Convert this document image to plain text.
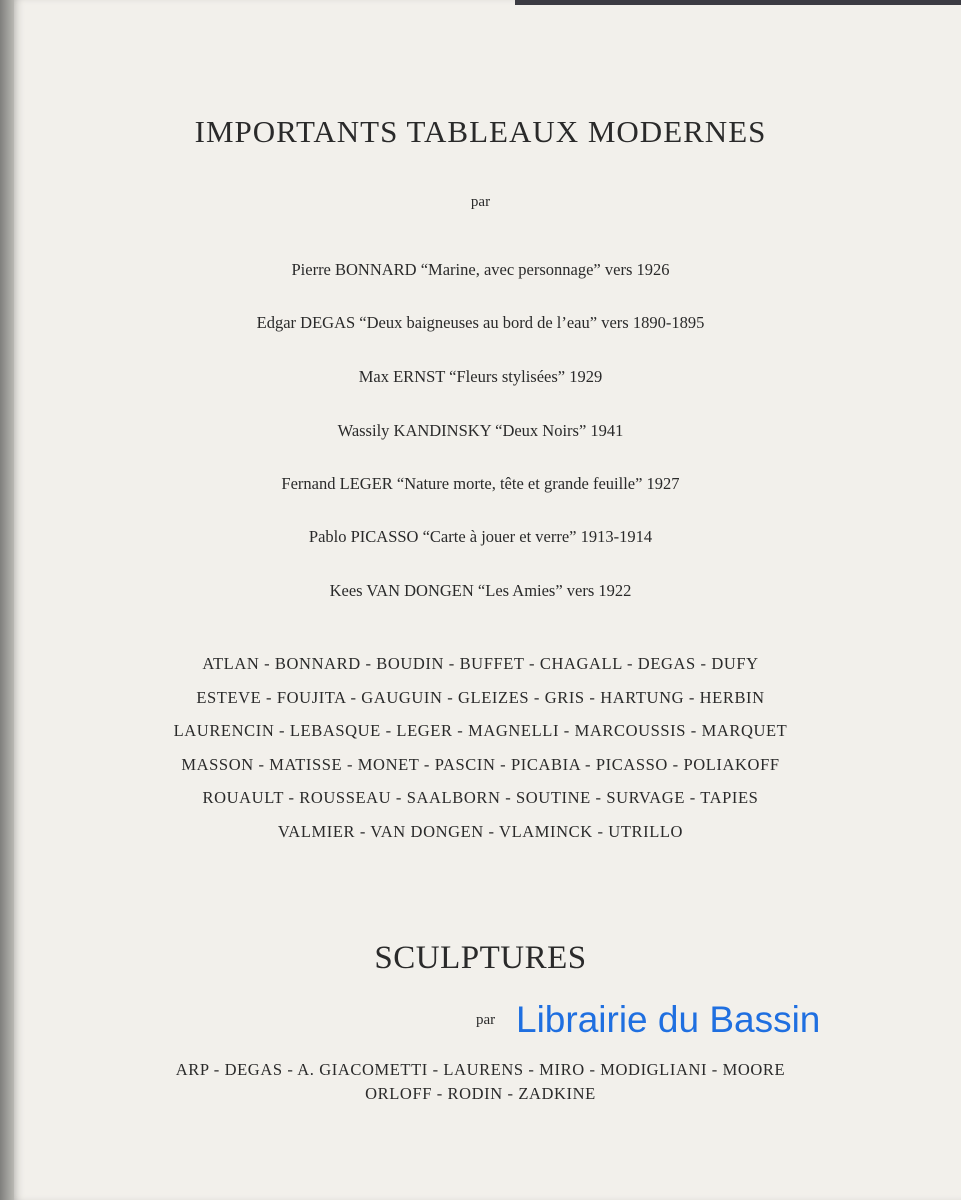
IMPORTANTS TABLEAUX MODERNES
par
Pierre BONNARD “Marine, avec personnage” vers 1926
Edgar DEGAS “Deux baigneuses au bord de l’eau” vers 1890-1895
Max ERNST “Fleurs stylisées” 1929
Wassily KANDINSKY “Deux Noirs” 1941
Fernand LEGER “Nature morte, tête et grande feuille” 1927
Pablo PICASSO “Carte à jouer et verre” 1913-1914
Kees VAN DONGEN “Les Amies” vers 1922
ATLAN - BONNARD - BOUDIN - BUFFET - CHAGALL - DEGAS - DUFY
ESTEVE - FOUJITA - GAUGUIN - GLEIZES - GRIS - HARTUNG - HERBIN
LAURENCIN - LEBASQUE - LEGER - MAGNELLI - MARCOUSSIS - MARQUET
MASSON - MATISSE - MONET - PASCIN - PICABIA - PICASSO - POLIAKOFF
ROUAULT - ROUSSEAU - SAALBORN - SOUTINE - SURVAGE - TAPIES
VALMIER - VAN DONGEN - VLAMINCK - UTRILLO
SCULPTURES
par Librairie du Bassin
ARP - DEGAS - A. GIACOMETTI - LAURENS - MIRO - MODIGLIANI - MOORE
ORLOFF - RODIN - ZADKINE
